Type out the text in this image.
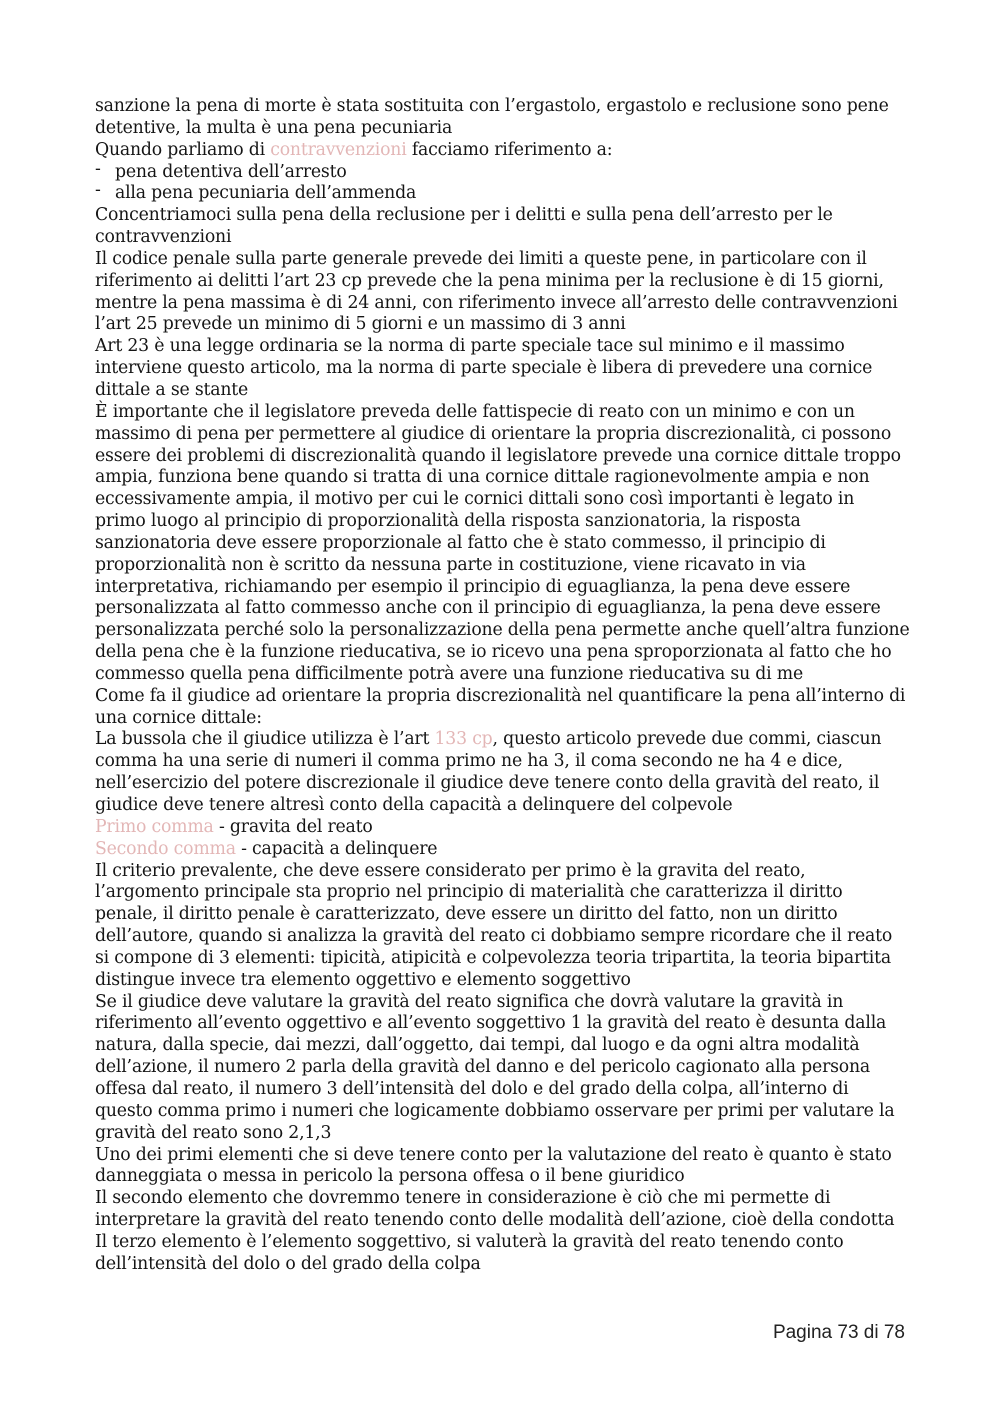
sanzione la pena di morte è stata sostituita con l’ergastolo, ergastolo e reclusione sono pene detentive, la multa è una pena pecuniaria

Quando parliamo di contravvenzioni facciamo riferimento a:

- pena detentiva dell’arresto

- alla pena pecuniaria dell’ammenda

Concentriamoci sulla pena della reclusione per i delitti e sulla pena dell’arresto per le contravvenzioni

Il codice penale sulla parte generale prevede dei limiti a queste pene, in particolare con il riferimento ai delitti l’art 23 cp prevede che la pena minima per la reclusione è di 15 giorni, mentre la pena massima è di 24 anni, con riferimento invece all’arresto delle contravvenzioni l’art 25 prevede un minimo di 5 giorni e un massimo di 3 anni

Art 23 è una legge ordinaria se la norma di parte speciale tace sul minimo e il massimo interviene questo articolo, ma la norma di parte speciale è libera di prevedere una cornice dittale a se stante

È importante che il legislatore preveda delle fattispecie di reato con un minimo e con un massimo di pena per permettere al giudice di orientare la propria discrezionalità, ci possono essere dei problemi di discrezionalità quando il legislatore prevede una cornice dittale troppo ampia, funziona bene quando si tratta di una cornice dittale ragionevolmente ampia e non eccessivamente ampia, il motivo per cui le cornici dittali sono così importanti è legato in primo luogo al principio di proporzionalità della risposta sanzionatoria, la risposta sanzionatoria deve essere proporzionale al fatto che è stato commesso, il principio di proporzionalità non è scritto da nessuna parte in costituzione, viene ricavato in via interpretativa, richiamando per esempio il principio di eguaglianza, la pena deve essere personalizzata al fatto commesso anche con il principio di eguaglianza, la pena deve essere personalizzata perché solo la personalizzazione della pena permette anche quell’altra funzione della pena che è la funzione rieducativa, se io ricevo una pena sproporzionata al fatto che ho commesso quella pena difficilmente potrà avere una funzione rieducativa su di me

Come fa il giudice ad orientare la propria discrezionalità nel quantificare la pena all’interno di una cornice dittale:

La bussola che il giudice utilizza è l’art 133 cp, questo articolo prevede due commi, ciascun comma ha una serie di numeri il comma primo ne ha 3, il coma secondo ne ha 4 e dice, nell’esercizio del potere discrezionale il giudice deve tenere conto della gravità del reato, il giudice deve tenere altresì conto della capacità a delinquere del colpevole

Primo comma - gravita del reato

Secondo comma - capacità a delinquere

Il criterio prevalente, che deve essere considerato per primo è la gravita del reato, l’argomento principale sta proprio nel principio di materialità che caratterizza il diritto penale, il diritto penale è caratterizzato, deve essere un diritto del fatto, non un diritto dell’autore, quando si analizza la gravità del reato ci dobbiamo sempre ricordare che il reato si compone di 3 elementi: tipicità, atipicità e colpevolezza teoria tripartita, la teoria bipartita distingue invece tra elemento oggettivo e elemento soggettivo

Se il giudice deve valutare la gravità del reato significa che dovrà valutare la gravità in riferimento all’evento oggettivo e all’evento soggettivo 1 la gravità del reato è desunta dalla natura, dalla specie, dai mezzi, dall’oggetto, dai tempi, dal luogo e da ogni altra modalità dell’azione, il numero 2 parla della gravità del danno e del pericolo cagionato alla persona offesa dal reato, il numero 3 dell’intensità del dolo e del grado della colpa, all’interno di questo comma primo i numeri che logicamente dobbiamo osservare per primi per valutare la gravità del reato sono 2,1,3

Uno dei primi elementi che si deve tenere conto per la valutazione del reato è quanto è stato danneggiata o messa in pericolo la persona offesa o il bene giuridico

Il secondo elemento che dovremmo tenere in considerazione è ciò che mi permette di interpretare la gravità del reato tenendo conto delle modalità dell’azione, cioè della condotta

Il terzo elemento è l’elemento soggettivo, si valuterà la gravità del reato tenendo conto dell’intensità del dolo o del grado della colpa

Pagina 73 di 78
